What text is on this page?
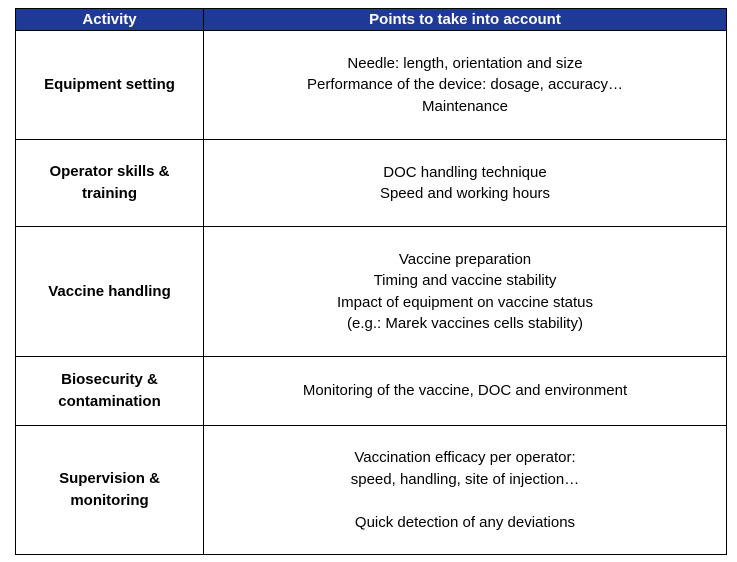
Activity	Points to take into account

Equipment setting	Needle: length, orientation and size
Performance of the device: dosage, accuracy…
Maintenance

Operator skills &
training	DOC handling technique
Speed and working hours

Vaccine handling	Vaccine preparation
Timing and vaccine stability
Impact of equipment on vaccine status
(e.g.: Marek vaccines cells stability)

Biosecurity &
contamination	Monitoring of the vaccine, DOC and environment

Supervision &
monitoring	Vaccination efficacy per operator:
speed, handling, site of injection…
Quick detection of any deviations
